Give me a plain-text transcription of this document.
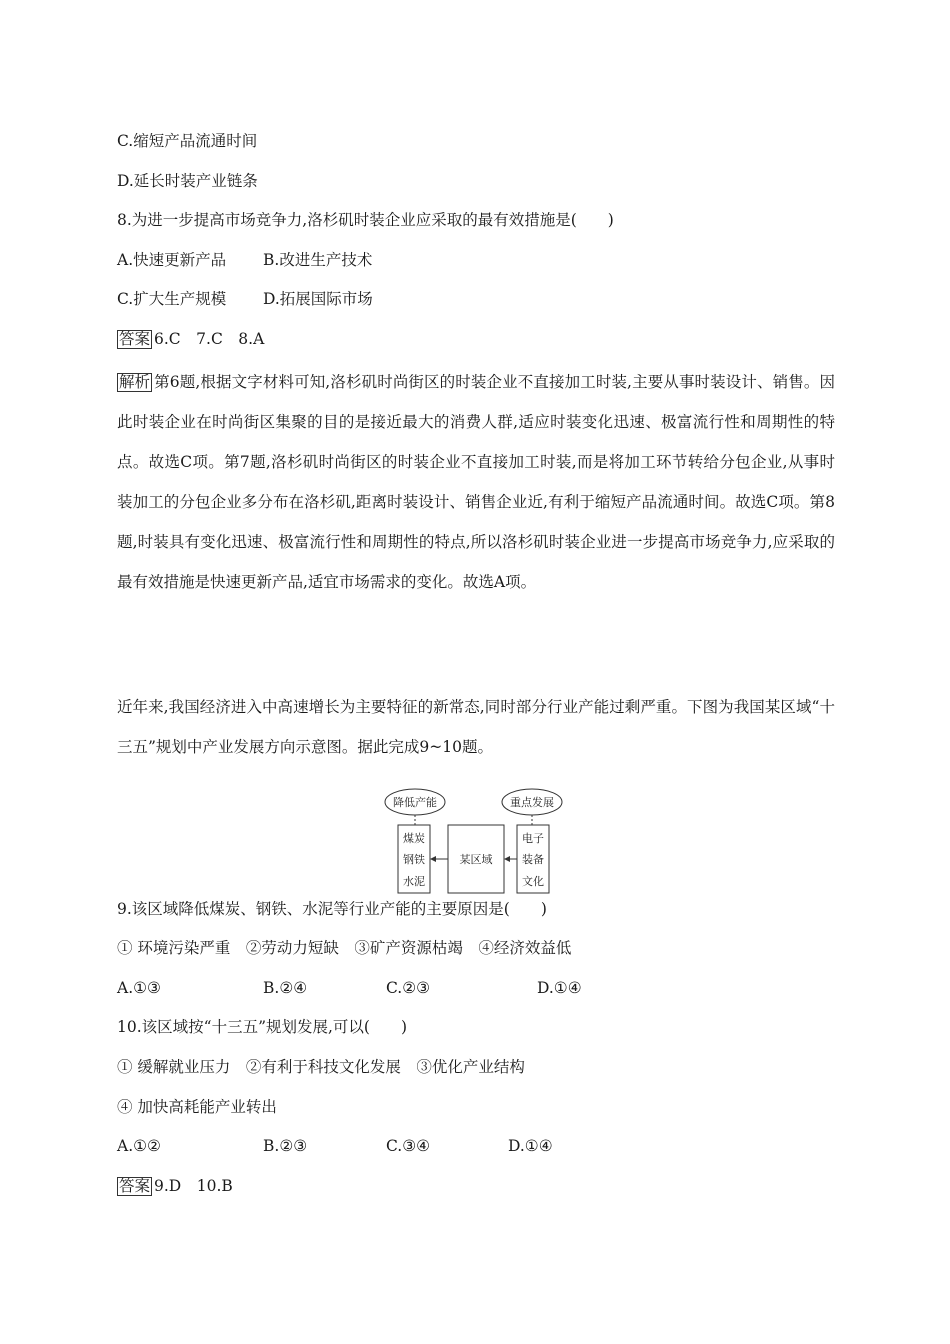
C.缩短产品流通时间
D.延长时装产业链条
8.为进一步提高市场竞争力,洛杉矶时装企业应采取的最有效措施是(　　)
A.快速更新产品 B.改进生产技术
C.扩大生产规模 D.拓展国际市场
答案 6.C　7.C　8.A
解析 第6题,根据文字材料可知,洛杉矶时尚街区的时装企业不直接加工时装,主要从事时装设计、销售。因此时装企业在时尚街区集聚的目的是接近最大的消费人群,适应时装变化迅速、极富流行性和周期性的特点。故选C项。第7题,洛杉矶时尚街区的时装企业不直接加工时装,而是将加工环节转给分包企业,从事时装加工的分包企业多分布在洛杉矶,距离时装设计、销售企业近,有利于缩短产品流通时间。故选C项。第8题,时装具有变化迅速、极富流行性和周期性的特点,所以洛杉矶时装企业进一步提高市场竞争力,应采取的最有效措施是快速更新产品,适宜市场需求的变化。故选A项。
近年来,我国经济进入中高速增长为主要特征的新常态,同时部分行业产能过剩严重。下图为我国某区域“十三五”规划中产业发展方向示意图。据此完成9~10题。
降低产能	重点发展
煤炭
钢铁
水泥
某区域
电子
装备
文化
9.该区域降低煤炭、钢铁、水泥等行业产能的主要原因是(　　)
① 环境污染严重　②劳动力短缺　③矿产资源枯竭　④经济效益低
A.①③	B.②④	C.②③	D.①④
10.该区域按“十三五”规划发展,可以(　　)
① 缓解就业压力　②有利于科技文化发展　③优化产业结构
④ 加快高耗能产业转出
A.①②	B.②③	C.③④	D.①④
答案 9.D　10.B
